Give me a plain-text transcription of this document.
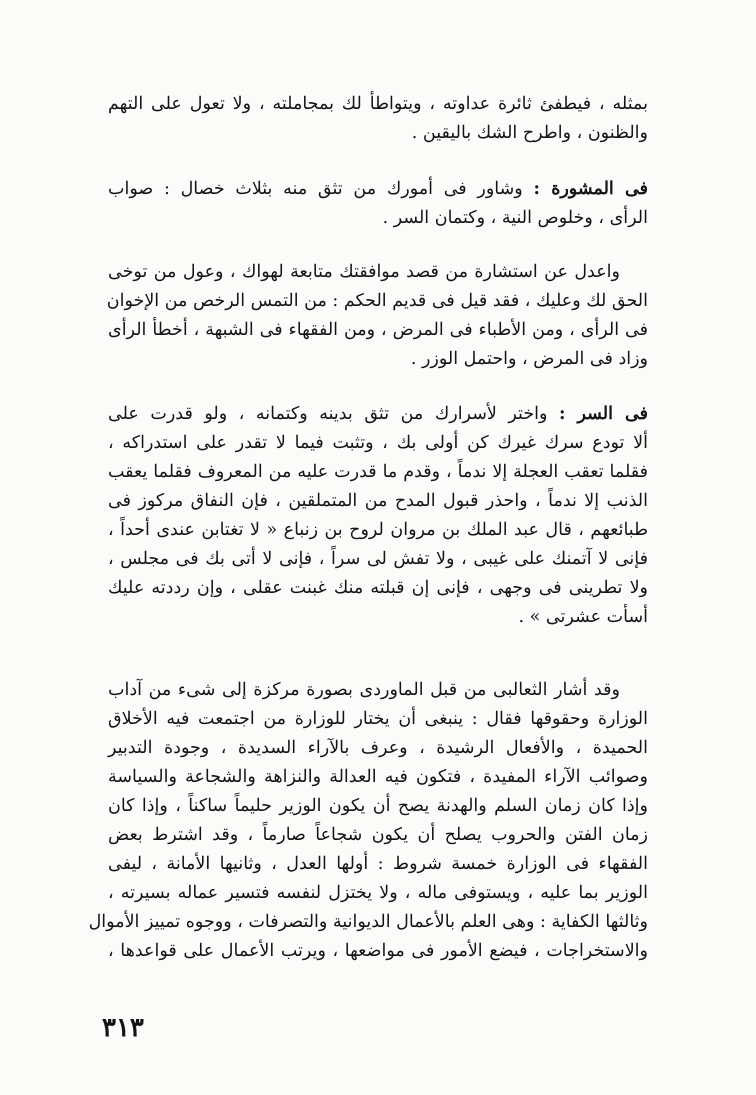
بمثله ، فيطفئ ثائرة عداوته ، ويتواطأ لك بمجاملته ، ولا تعول على التهم
والظنون ، واطرح الشك باليقين .
فى المشورة : وشاور فى أمورك من تثق منه بثلاث خصال : صواب
الرأى ، وخلوص النية ، وكتمان السر .
واعدل عن استشارة من قصد موافقتك متابعة لهواك ، وعول من توخى
الحق لك وعليك ، فقد قيل فى قديم الحكم : من التمس الرخص من الإخوان
فى الرأى ، ومن الأطباء فى المرض ، ومن الفقهاء فى الشبهة ، أخطأ الرأى
وزاد فى المرض ، واحتمل الوزر .
فى السر : واختر لأسرارك من تثق بدينه وكتمانه ، ولو قدرت على
ألا تودع سرك غيرك كن أولى بك ، وتثبت فيما لا تقدر على استدراكه ،
فقلما تعقب العجلة إلا ندماً ، وقدم ما قدرت عليه من المعروف فقلما يعقب
الذنب إلا ندماً ، واحذر قبول المدح من المتملقين ، فإن النفاق مركوز فى
طبائعهم ، قال عبد الملك بن مروان لروح بن زنباع « لا تغتابن عندى أحداً ،
فإنى لا آتمنك على غيبى ، ولا تفش لى سراً ، فإنى لا أتى بك فى مجلس ،
ولا تطرينى فى وجهى ، فإنى إن قبلته منك غبنت عقلى ، وإن رددته عليك
أسأت عشرتى » .
وقد أشار الثعالبى من قبل الماوردى بصورة مركزة إلى شىء من آداب
الوزارة وحقوقها فقال : ينبغى أن يختار للوزارة من اجتمعت فيه الأخلاق
الحميدة ، والأفعال الرشيدة ، وعرف بالآراء السديدة ، وجودة التدبير
وصوائب الآراء المفيدة ، فتكون فيه العدالة والنزاهة والشجاعة والسياسة
وإذا كان زمان السلم والهدنة يصح أن يكون الوزير حليماً ساكناً ، وإذا كان
زمان الفتن والحروب يصلح أن يكون شجاعاً صارماً ، وقد اشترط بعض
الفقهاء فى الوزارة خمسة شروط : أولها العدل ، وثانيها الأمانة ، ليفى
الوزير بما عليه ، ويستوفى ماله ، ولا يختزل لنفسه فتسير عماله بسيرته ،
وثالثها الكفاية : وهى العلم بالأعمال الديوانية والتصرفات ، ووجوه تمييز الأموال
والاستخراجات ، فيضع الأمور فى مواضعها ، ويرتب الأعمال على قواعدها ،
٣١٣
